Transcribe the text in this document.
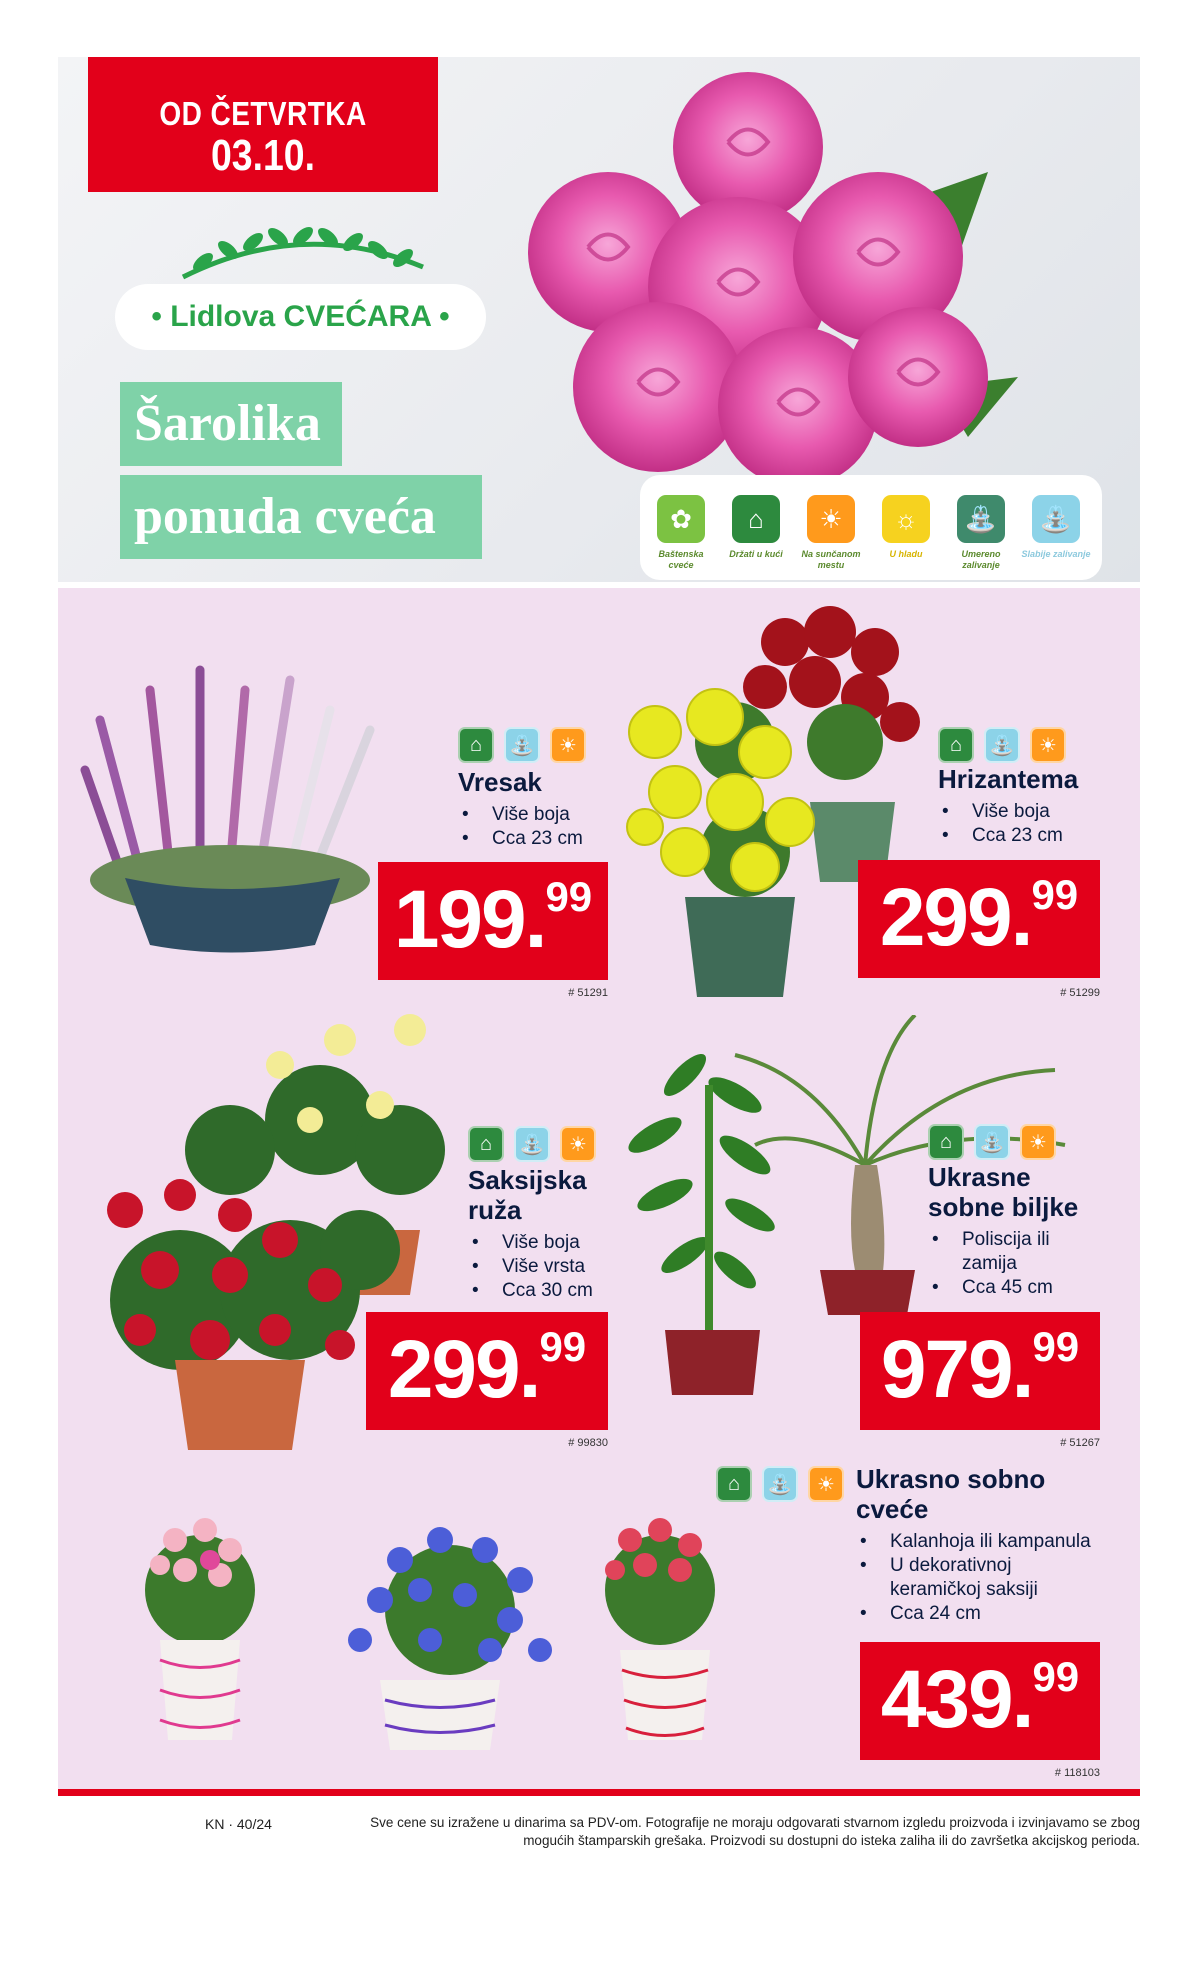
OD ČETVRTKA
03.10.
• Lidlova CVEĆARA •
Šarolika
ponuda cveća	✿
Baštenska cveće
⌂
Držati u kući
☀
Na sunčanom mestu
☼
U hladu
⛲
Umereno zalivanje
⛲
Slabije zalivanje
⌂	⛲	☀
Vresak
• Više boja
• Cca 23 cm
199. 99
# 51291
⌂	⛲	☀
Hrizantema
• Više boja
• Cca 23 cm
299. 99
# 51299
⌂	⛲	☀
Saksijska ruža
• Više boja
• Više vrsta
• Cca 30 cm
299. 99
# 99830
⌂	⛲	☀
Ukrasne sobne biljke
• Poliscija ili zamija
• Cca 45 cm
979. 99
# 51267
⌂	⛲	☀ Ukrasno sobno cveće
• Kalanhoja ili kampanula
• U dekorativnoj keramičkoj saksiji
• Cca 24 cm
439. 99
# 118103
KN · 40/24	Sve cene su izražene u dinarima sa PDV-om. Fotografije ne moraju odgovarati stvarnom izgledu proizvoda i izvinjavamo se zbog mogućih štamparskih grešaka. Proizvodi su dostupni do isteka zaliha ili do završetka akcijskog perioda.
